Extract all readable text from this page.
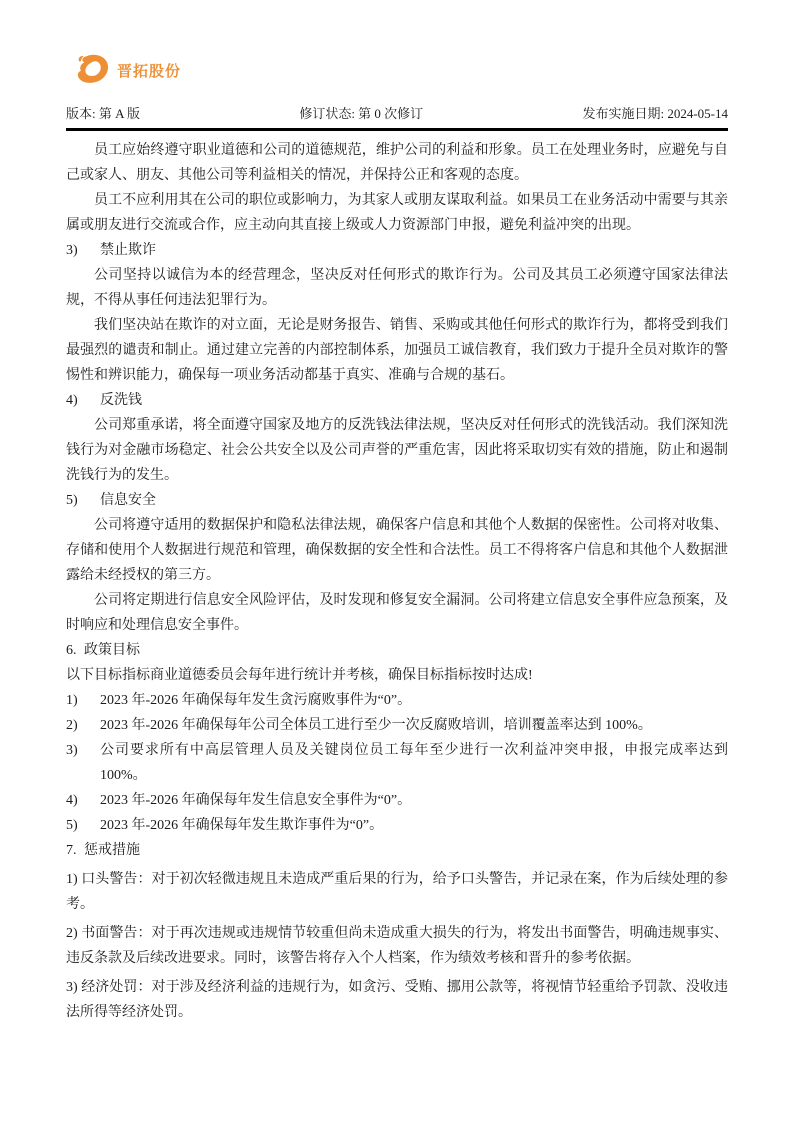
晋拓股份
版本: 第 A 版	修订状态: 第 0 次修订	发布实施日期: 2024-05-14

员工应始终遵守职业道德和公司的道德规范，维护公司的利益和形象。员工在处理业务时，应避免与自己或家人、朋友、其他公司等利益相关的情况，并保持公正和客观的态度。

员工不应利用其在公司的职位或影响力，为其家人或朋友谋取利益。如果员工在业务活动中需要与其亲属或朋友进行交流或合作，应主动向其直接上级或人力资源部门申报，避免利益冲突的出现。

3) 禁止欺诈

公司坚持以诚信为本的经营理念，坚决反对任何形式的欺诈行为。公司及其员工必须遵守国家法律法规，不得从事任何违法犯罪行为。

我们坚决站在欺诈的对立面，无论是财务报告、销售、采购或其他任何形式的欺诈行为，都将受到我们最强烈的谴责和制止。通过建立完善的内部控制体系，加强员工诚信教育，我们致力于提升全员对欺诈的警惕性和辨识能力，确保每一项业务活动都基于真实、准确与合规的基石。

4) 反洗钱

公司郑重承诺，将全面遵守国家及地方的反洗钱法律法规，坚决反对任何形式的洗钱活动。我们深知洗钱行为对金融市场稳定、社会公共安全以及公司声誉的严重危害，因此将采取切实有效的措施，防止和遏制洗钱行为的发生。

5) 信息安全

公司将遵守适用的数据保护和隐私法律法规，确保客户信息和其他个人数据的保密性。公司将对收集、存储和使用个人数据进行规范和管理，确保数据的安全性和合法性。员工不得将客户信息和其他个人数据泄露给未经授权的第三方。

公司将定期进行信息安全风险评估，及时发现和修复安全漏洞。公司将建立信息安全事件应急预案，及时响应和处理信息安全事件。

6. 政策目标

以下目标指标商业道德委员会每年进行统计并考核，确保目标指标按时达成!

1)	2023 年-2026 年确保每年发生贪污腐败事件为“0”。
2)	2023 年-2026 年确保每年公司全体员工进行至少一次反腐败培训，培训覆盖率达到 100%。
3)	公司要求所有中高层管理人员及关键岗位员工每年至少进行一次利益冲突申报，申报完成率达到 100%。
4)	2023 年-2026 年确保每年发生信息安全事件为“0”。
5)	2023 年-2026 年确保每年发生欺诈事件为“0”。

7. 惩戒措施

1) 口头警告：对于初次轻微违规且未造成严重后果的行为，给予口头警告，并记录在案，作为后续处理的参考。

2) 书面警告：对于再次违规或违规情节较重但尚未造成重大损失的行为，将发出书面警告，明确违规事实、违反条款及后续改进要求。同时，该警告将存入个人档案，作为绩效考核和晋升的参考依据。

3) 经济处罚：对于涉及经济利益的违规行为，如贪污、受贿、挪用公款等，将视情节轻重给予罚款、没收违法所得等经济处罚。
